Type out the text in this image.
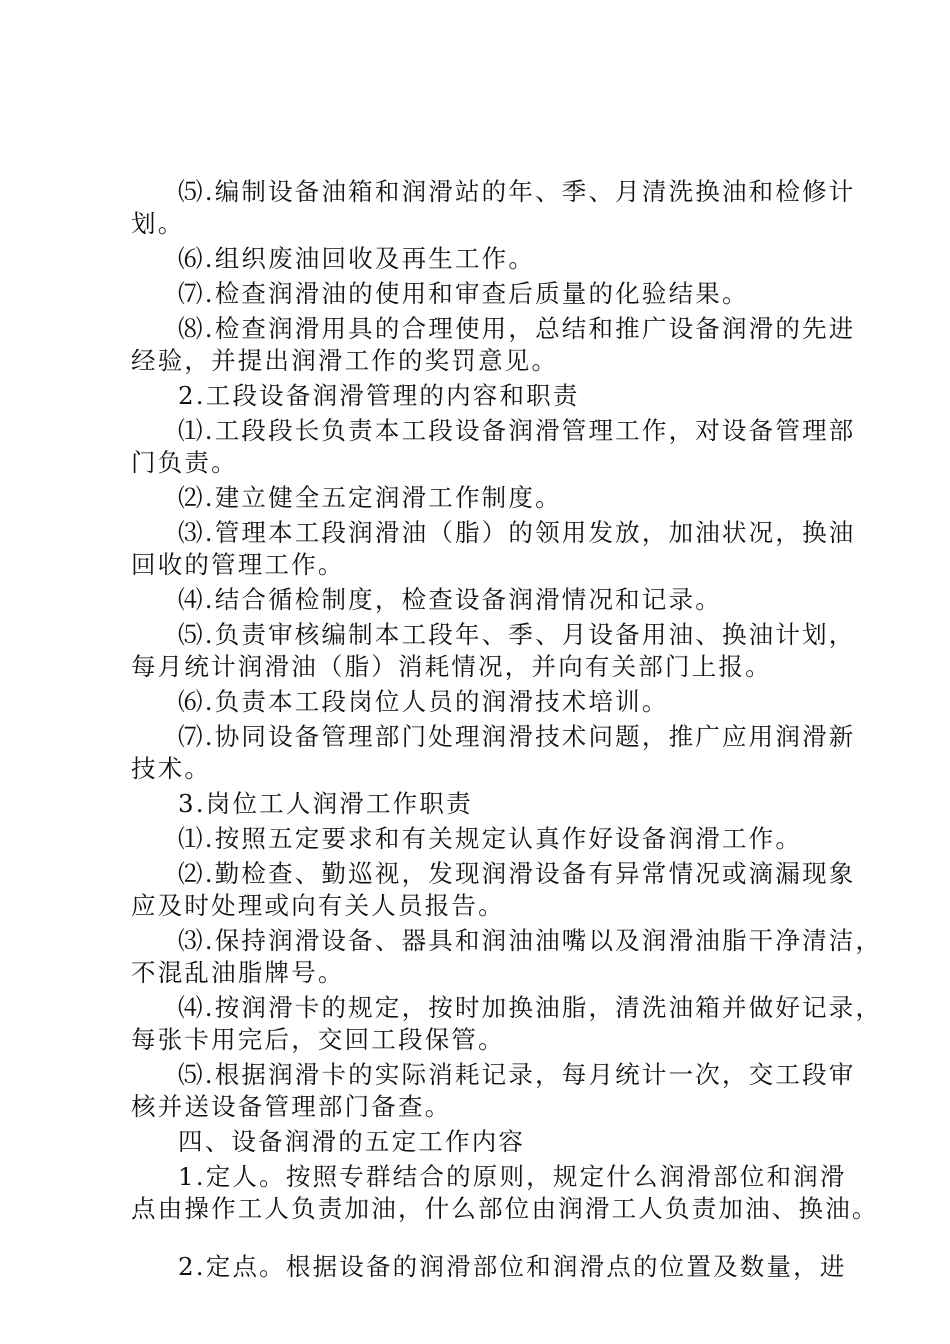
⑸.编制设备油箱和润滑站的年、季、月清洗换油和检修计
划。
⑹.组织废油回收及再生工作。
⑺.检查润滑油的使用和审查后质量的化验结果。
⑻.检查润滑用具的合理使用，总结和推广设备润滑的先进
经验，并提出润滑工作的奖罚意见。
2.工段设备润滑管理的内容和职责
⑴.工段段长负责本工段设备润滑管理工作，对设备管理部
门负责。
⑵.建立健全五定润滑工作制度。
⑶.管理本工段润滑油（脂）的领用发放，加油状况，换油
回收的管理工作。
⑷.结合循检制度，检查设备润滑情况和记录。
⑸.负责审核编制本工段年、季、月设备用油、换油计划，
每月统计润滑油（脂）消耗情况，并向有关部门上报。
⑹.负责本工段岗位人员的润滑技术培训。
⑺.协同设备管理部门处理润滑技术问题，推广应用润滑新
技术。
3.岗位工人润滑工作职责
⑴.按照五定要求和有关规定认真作好设备润滑工作。
⑵.勤检查、勤巡视，发现润滑设备有异常情况或滴漏现象
应及时处理或向有关人员报告。
⑶.保持润滑设备、器具和润油油嘴以及润滑油脂干净清洁，
不混乱油脂牌号。
⑷.按润滑卡的规定，按时加换油脂，清洗油箱并做好记录，
每张卡用完后，交回工段保管。
⑸.根据润滑卡的实际消耗记录，每月统计一次，交工段审
核并送设备管理部门备查。
四、设备润滑的五定工作内容
1.定人。按照专群结合的原则，规定什么润滑部位和润滑
点由操作工人负责加油，什么部位由润滑工人负责加油、换油。
2.定点。根据设备的润滑部位和润滑点的位置及数量，进
